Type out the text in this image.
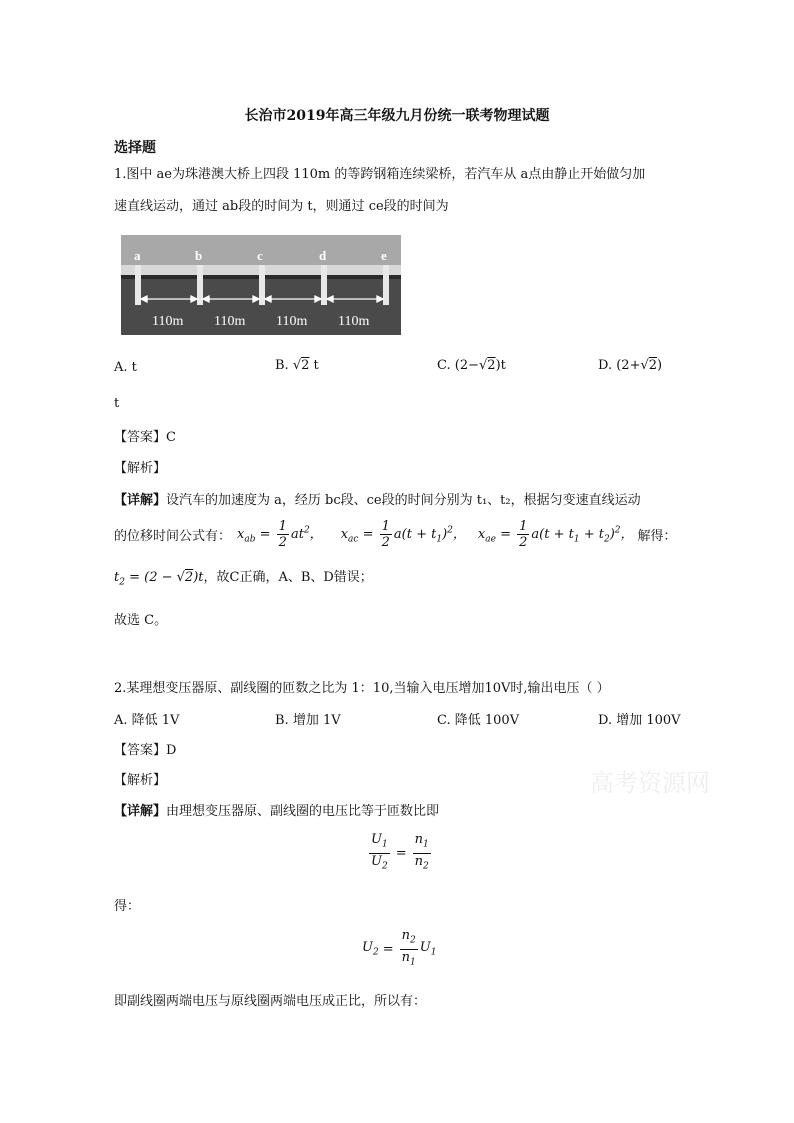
长治市2019年高三年级九月份统一联考物理试题
选择题
1.图中 ae为珠港澳大桥上四段 110m 的等跨钢箱连续梁桥，若汽车从 a点由静止开始做匀加
速直线运动，通过 ab段的时间为 t，则通过 ce段的时间为
a	b	c	d	e
110m 110m 110m 110m
A. t	B. √2 t	C. (2−√2)t	D. (2+√2)
t
【答案】C
【解析】
【详解】设汽车的加速度为 a，经历 bc段、ce段的时间分别为 t₁、t₂，根据匀变速直线运动
的位移时间公式有： $x_{ab} = \frac{1}{2} at^2$， $x_{ac} = \frac{1}{2} a(t + t_1)^2$， $x_{ae} = \frac{1}{2} a(t + t_1 + t_2)^2$， 解得：
$t_2 = (2 - √2)t$，故C正确，A、B、D错误；
故选 C。
2.某理想变压器原、副线圈的匝数之比为 1：10,当输入电压增加10V时,输出电压（ ）
A. 降低 1V	B. 增加 1V	C. 降低 100V	D. 增加 100V
【答案】D
【解析】
【详解】由理想变压器原、副线圈的电压比等于匝数比即
$\frac{U_1}{U_2} = \frac{n_1}{n_2}$
得：
$U_2 = \frac{n_2}{n_1} U_1$
即副线圈两端电压与原线圈两端电压成正比，所以有：
高考资源网
